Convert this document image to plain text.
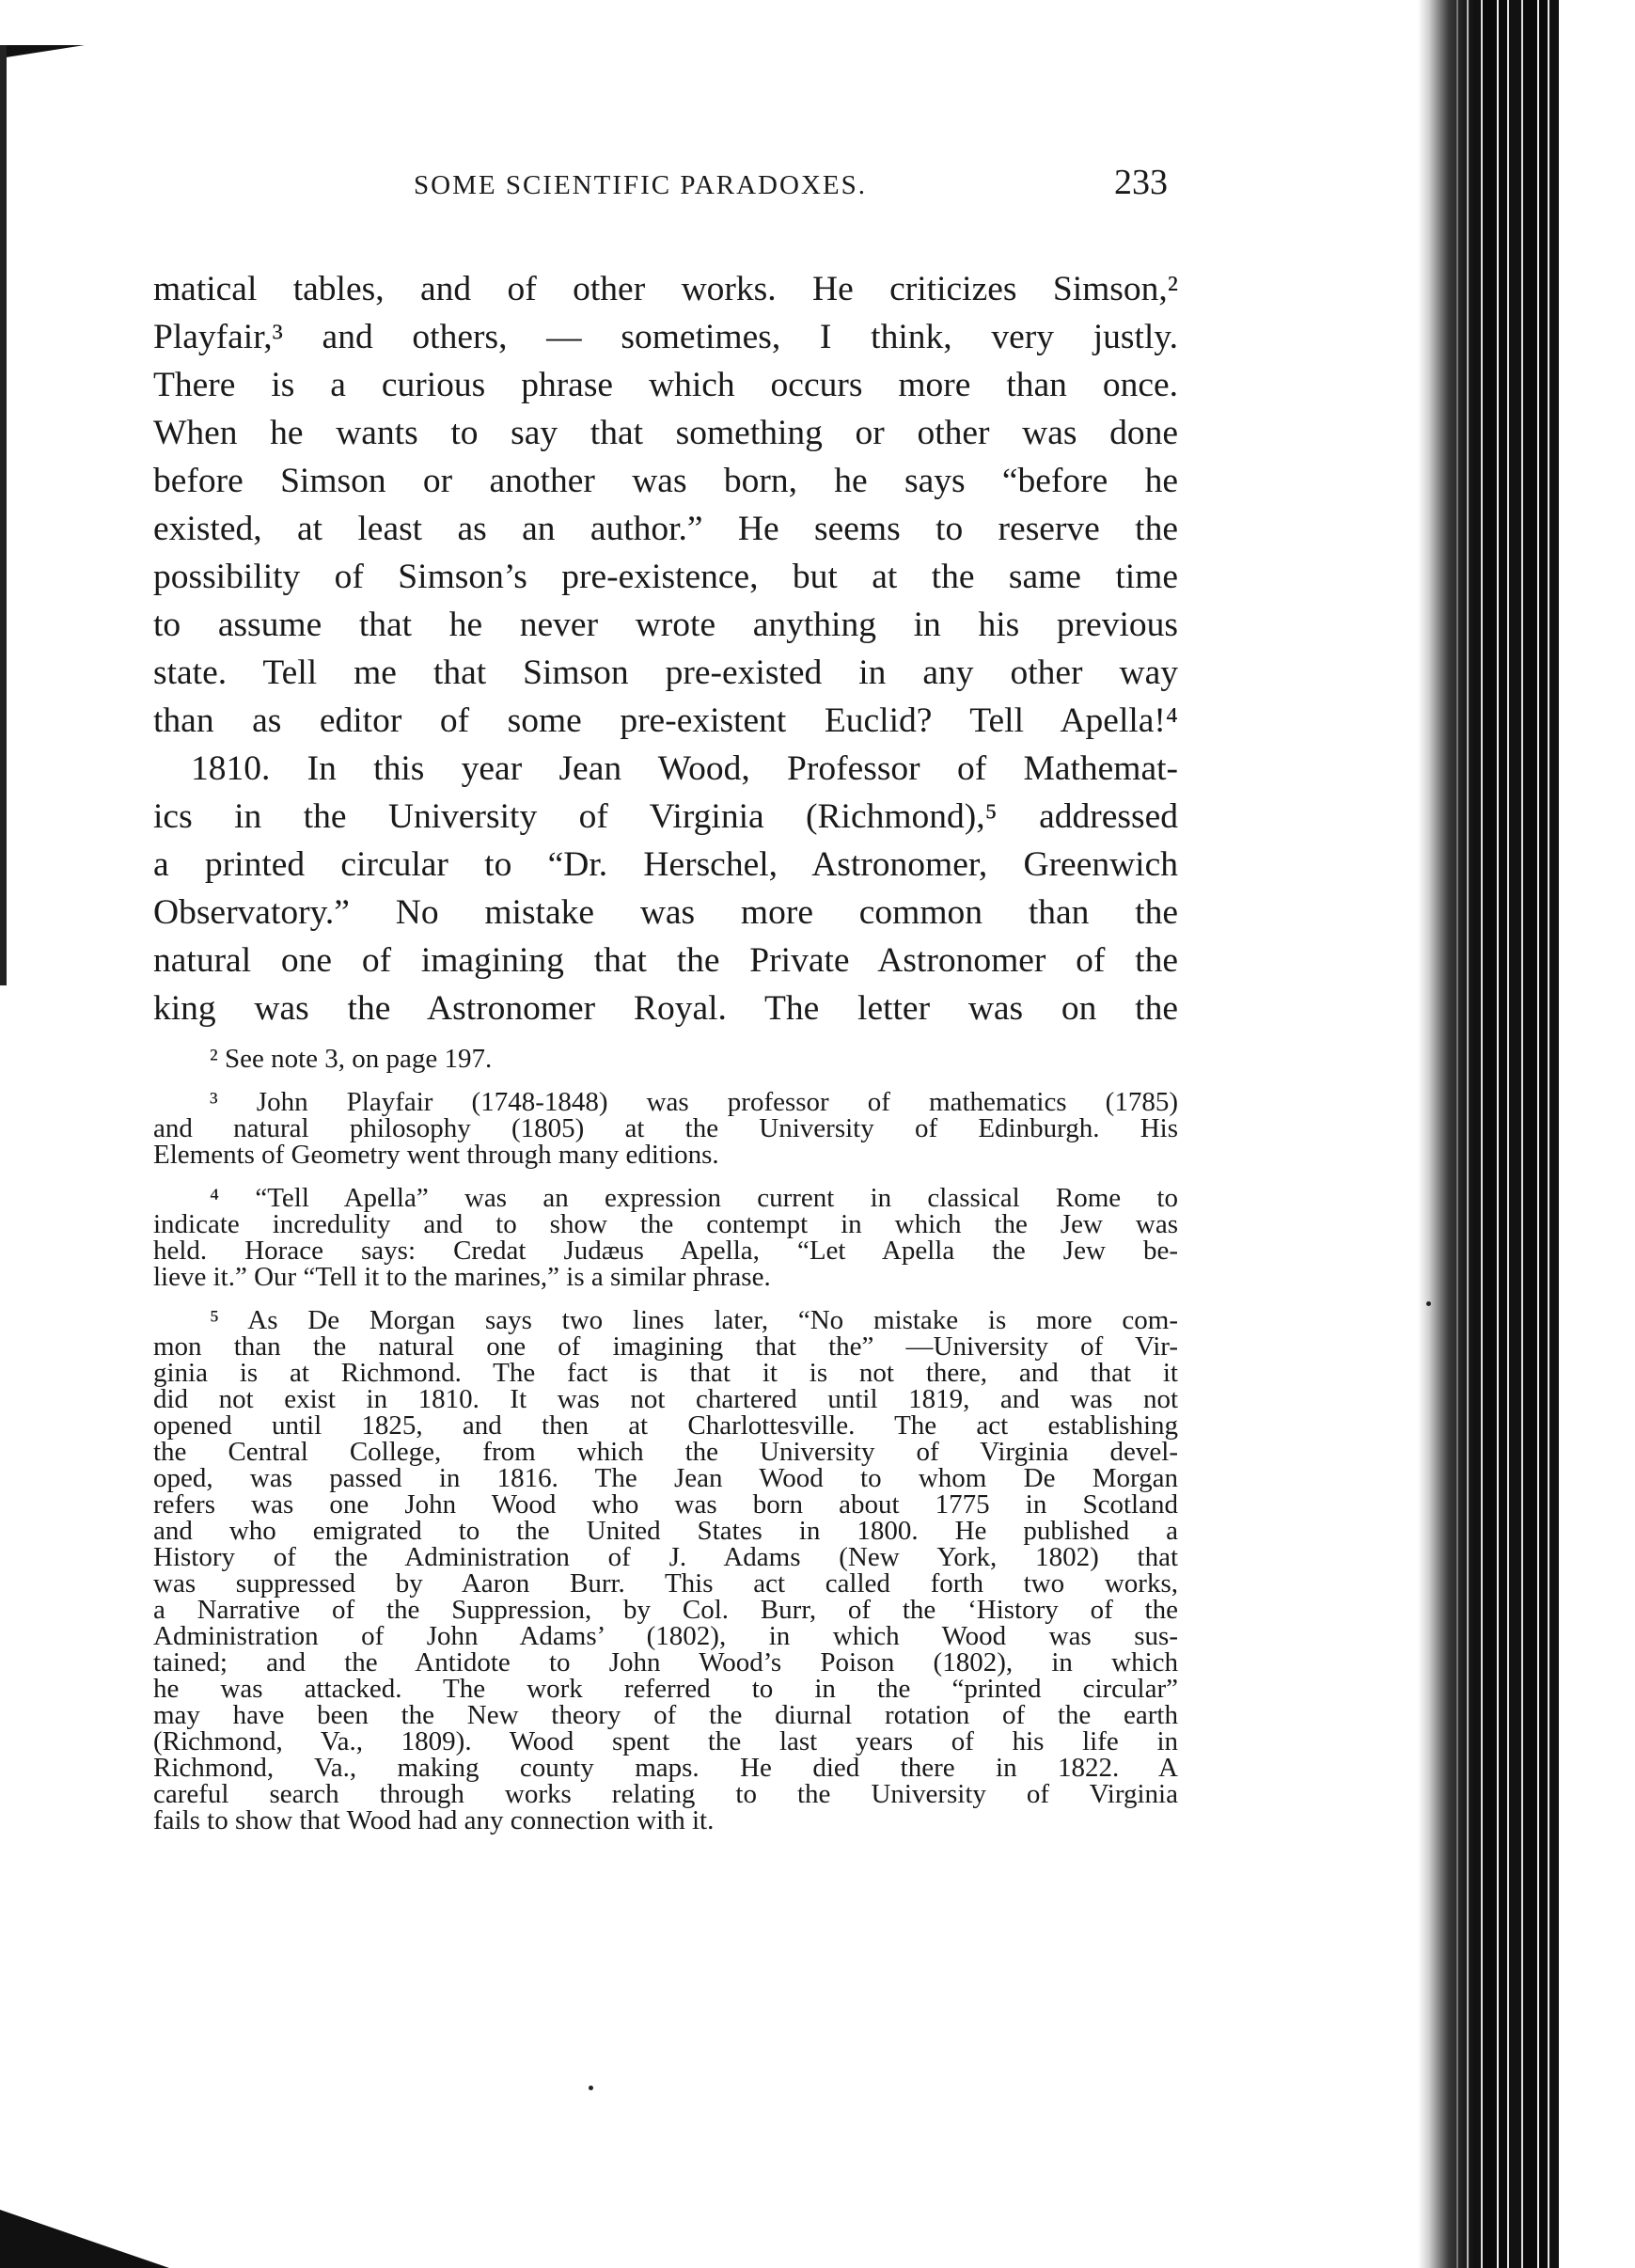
SOME SCIENTIFIC PARADOXES.	233

matical tables, and of other works. He criticizes Simson,²

Playfair,³ and others, — sometimes, I think, very justly.

There is a curious phrase which occurs more than once.

When he wants to say that something or other was done

before Simson or another was born, he says “before he

existed, at least as an author.” He seems to reserve the

possibility of Simson’s pre-existence, but at the same time

to assume that he never wrote anything in his previous

state. Tell me that Simson pre-existed in any other way

than as editor of some pre-existent Euclid? Tell Apella!⁴

1810. In this year Jean Wood, Professor of Mathemat-

ics in the University of Virginia (Richmond),⁵ addressed

a printed circular to “Dr. Herschel, Astronomer, Greenwich

Observatory.” No mistake was more common than the

natural one of imagining that the Private Astronomer of the

king was the Astronomer Royal. The letter was on the

² See note 3, on page 197.
³ John Playfair (1748-1848) was professor of mathematics (1785)
and natural philosophy (1805) at the University of Edinburgh. His
Elements of Geometry went through many editions.
⁴ “Tell Apella” was an expression current in classical Rome to
indicate incredulity and to show the contempt in which the Jew was
held. Horace says: Credat Judæus Apella, “Let Apella the Jew be-
lieve it.” Our “Tell it to the marines,” is a similar phrase.
⁵ As De Morgan says two lines later, “No mistake is more com-
mon than the natural one of imagining that the” —University of Vir-
ginia is at Richmond. The fact is that it is not there, and that it
did not exist in 1810. It was not chartered until 1819, and was not
opened until 1825, and then at Charlottesville. The act establishing
the Central College, from which the University of Virginia devel-
oped, was passed in 1816. The Jean Wood to whom De Morgan
refers was one John Wood who was born about 1775 in Scotland
and who emigrated to the United States in 1800. He published a
History of the Administration of J. Adams (New York, 1802) that
was suppressed by Aaron Burr. This act called forth two works,
a Narrative of the Suppression, by Col. Burr, of the ‘History of the
Administration of John Adams’ (1802), in which Wood was sus-
tained; and the Antidote to John Wood’s Poison (1802), in which
he was attacked. The work referred to in the “printed circular”
may have been the New theory of the diurnal rotation of the earth
(Richmond, Va., 1809). Wood spent the last years of his life in
Richmond, Va., making county maps. He died there in 1822. A
careful search through works relating to the University of Virginia
fails to show that Wood had any connection with it.
